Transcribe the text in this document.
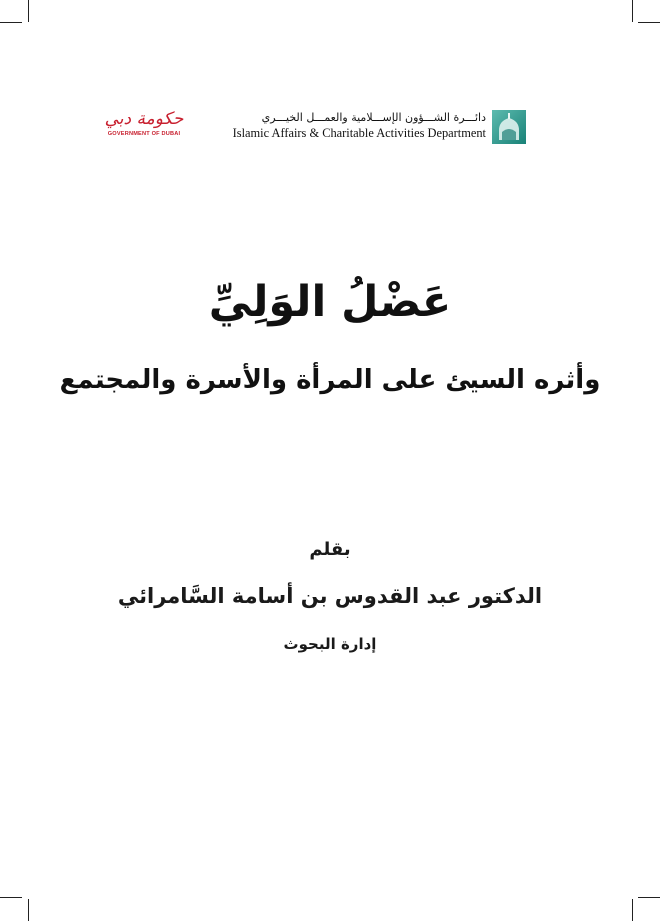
حكومة دبي
GOVERNMENT OF DUBAI
دائـــرة الشـــؤون الإســـلامية والعمـــل الخيـــري
Islamic Affairs & Charitable Activities Department
عَضْلُ الوَلِيِّ
وأثره السيئ على المرأة والأسرة والمجتمع
بقلم
الدكتور عبد القدوس بن أسامة السَّامرائي
إدارة البحوث
